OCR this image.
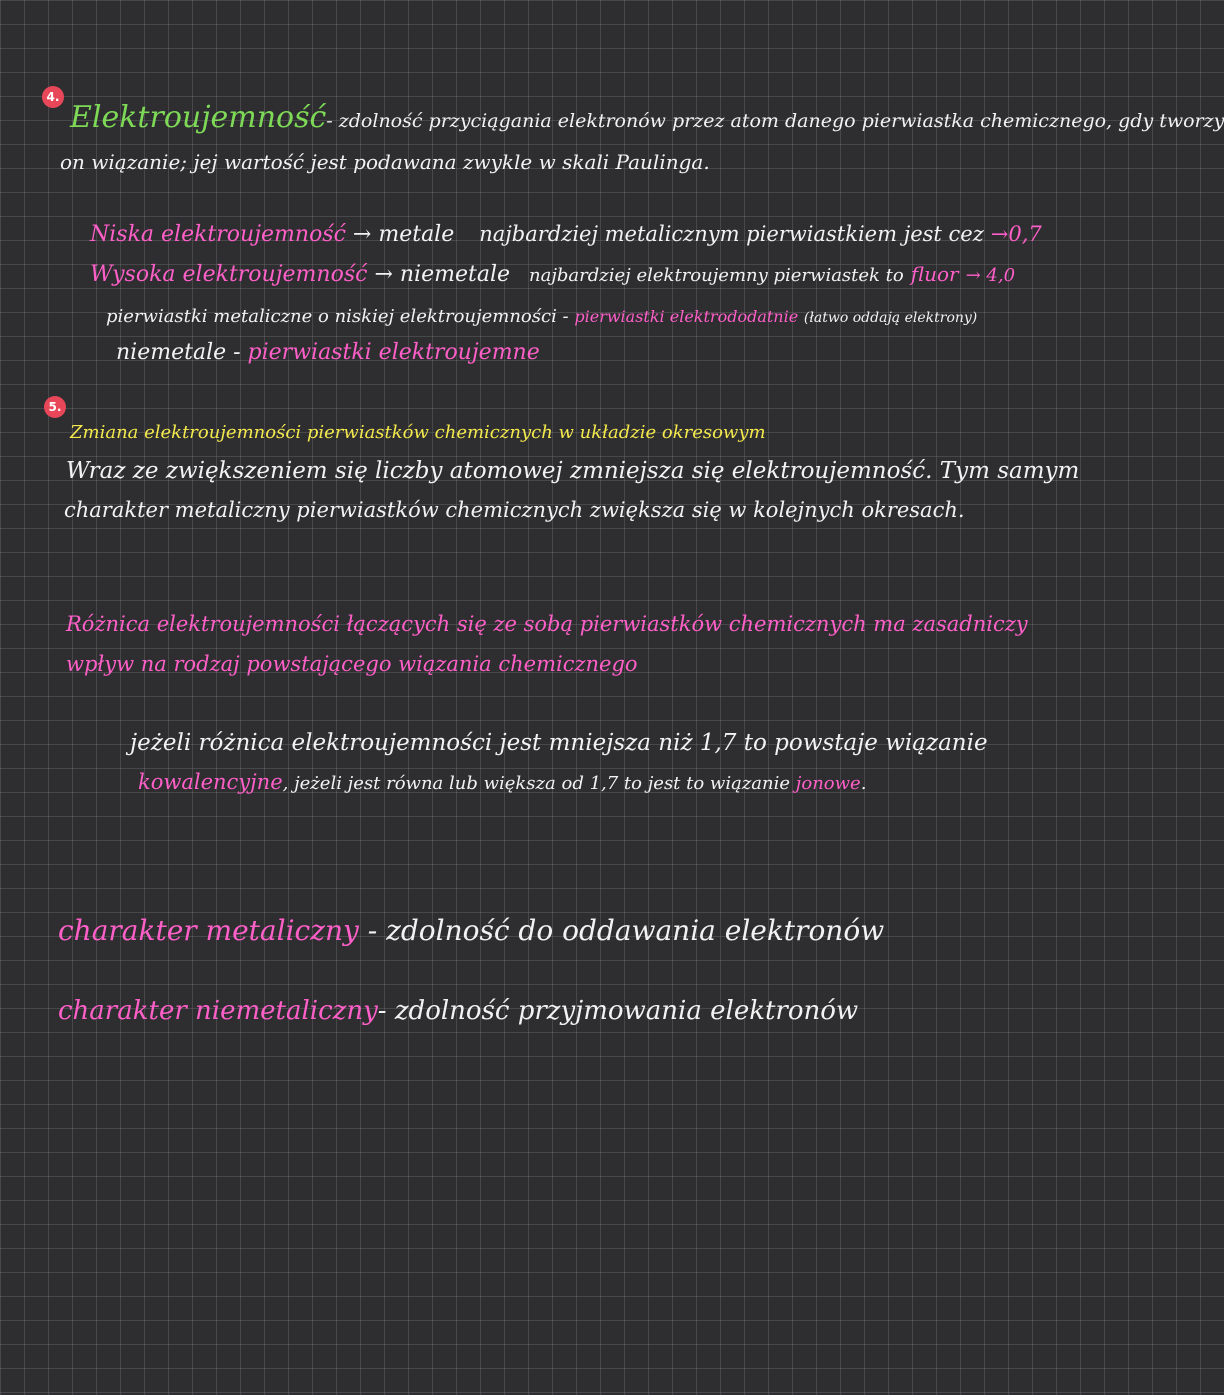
4.
Elektroujemność- zdolność przyciągania elektronów przez atom danego pierwiastka chemicznego, gdy tworzy
on wiązanie; jej wartość jest podawana zwykle w skali Paulinga.
Niska elektroujemność → metale najbardziej metalicznym pierwiastkiem jest cez →0,7
Wysoka elektroujemność → niemetale najbardziej elektroujemny pierwiastek to fluor → 4,0
pierwiastki metaliczne o niskiej elektroujemności - pierwiastki elektrododatnie (łatwo oddają elektrony)
niemetale - pierwiastki elektroujemne
5.
Zmiana elektroujemności pierwiastków chemicznych w układzie okresowym
Wraz ze zwiększeniem się liczby atomowej zmniejsza się elektroujemność. Tym samym
charakter metaliczny pierwiastków chemicznych zwiększa się w kolejnych okresach.
Różnica elektroujemności łączących się ze sobą pierwiastków chemicznych ma zasadniczy
wpływ na rodzaj powstającego wiązania chemicznego
jeżeli różnica elektroujemności jest mniejsza niż 1,7 to powstaje wiązanie
kowalencyjne, jeżeli jest równa lub większa od 1,7 to jest to wiązanie jonowe.
charakter metaliczny - zdolność do oddawania elektronów
charakter niemetaliczny- zdolność przyjmowania elektronów
